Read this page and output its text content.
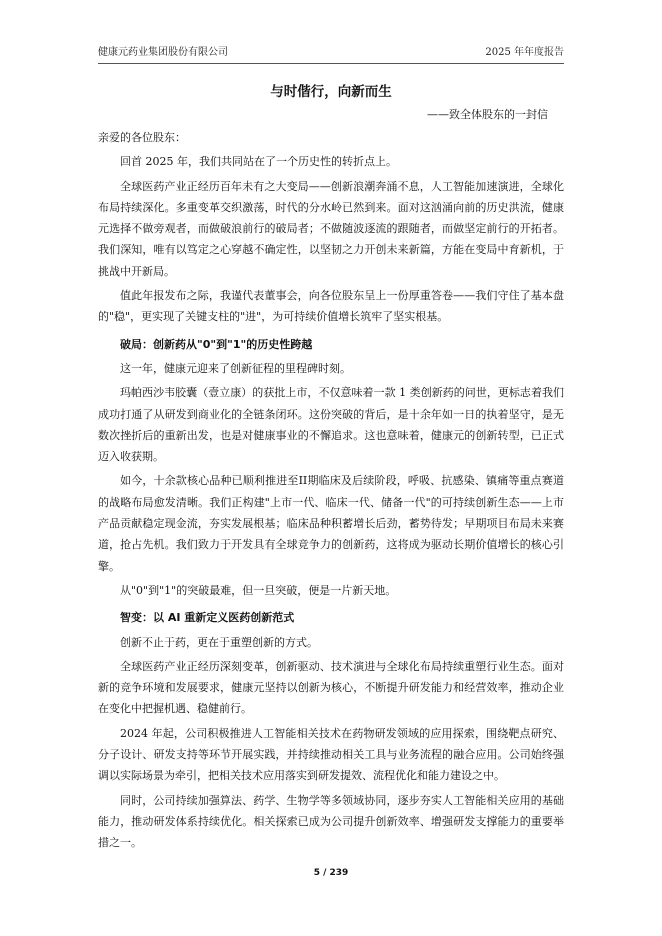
健康元药业集团股份有限公司	2025 年年度报告
与时偕行，向新而生
——致全体股东的一封信

亲爱的各位股东：

回首 2025 年，我们共同站在了一个历史性的转折点上。

全球医药产业正经历百年未有之大变局——创新浪潮奔涌不息，人工智能加速演进，全球化布局持续深化。多重变革交织激荡，时代的分水岭已然到来。面对这汹涌向前的历史洪流，健康元选择不做旁观者，而做破浪前行的破局者；不做随波逐流的跟随者，而做坚定前行的开拓者。我们深知，唯有以笃定之心穿越不确定性，以坚韧之力开创未来新篇，方能在变局中育新机，于挑战中开新局。

值此年报发布之际，我谨代表董事会，向各位股东呈上一份厚重答卷——我们守住了基本盘的"稳"，更实现了关键支柱的"进"，为可持续价值增长筑牢了坚实根基。

破局：创新药从"0"到"1"的历史性跨越

这一年，健康元迎来了创新征程的里程碑时刻。

玛帕西沙韦胶囊（壹立康）的获批上市，不仅意味着一款 1 类创新药的问世，更标志着我们成功打通了从研发到商业化的全链条闭环。这份突破的背后，是十余年如一日的执着坚守，是无数次挫折后的重新出发，也是对健康事业的不懈追求。这也意味着，健康元的创新转型，已正式迈入收获期。

如今，十余款核心品种已顺利推进至II期临床及后续阶段，呼吸、抗感染、镇痛等重点赛道的战略布局愈发清晰。我们正构建"上市一代、临床一代、储备一代"的可持续创新生态——上市产品贡献稳定现金流，夯实发展根基；临床品种积蓄增长后劲，蓄势待发；早期项目布局未来赛道，抢占先机。我们致力于开发具有全球竞争力的创新药，这将成为驱动长期价值增长的核心引擎。

从"0"到"1"的突破最难，但一旦突破，便是一片新天地。

智变：以 AI 重新定义医药创新范式

创新不止于药，更在于重塑创新的方式。

全球医药产业正经历深刻变革，创新驱动、技术演进与全球化布局持续重塑行业生态。面对新的竞争环境和发展要求，健康元坚持以创新为核心，不断提升研发能力和经营效率，推动企业在变化中把握机遇、稳健前行。

2024 年起，公司积极推进人工智能相关技术在药物研发领域的应用探索，围绕靶点研究、分子设计、研发支持等环节开展实践，并持续推动相关工具与业务流程的融合应用。公司始终强调以实际场景为牵引，把相关技术应用落实到研发提效、流程优化和能力建设之中。

同时，公司持续加强算法、药学、生物学等多领域协同，逐步夯实人工智能相关应用的基础能力，推动研发体系持续优化。相关探索已成为公司提升创新效率、增强研发支撑能力的重要举措之一。

5 / 239
